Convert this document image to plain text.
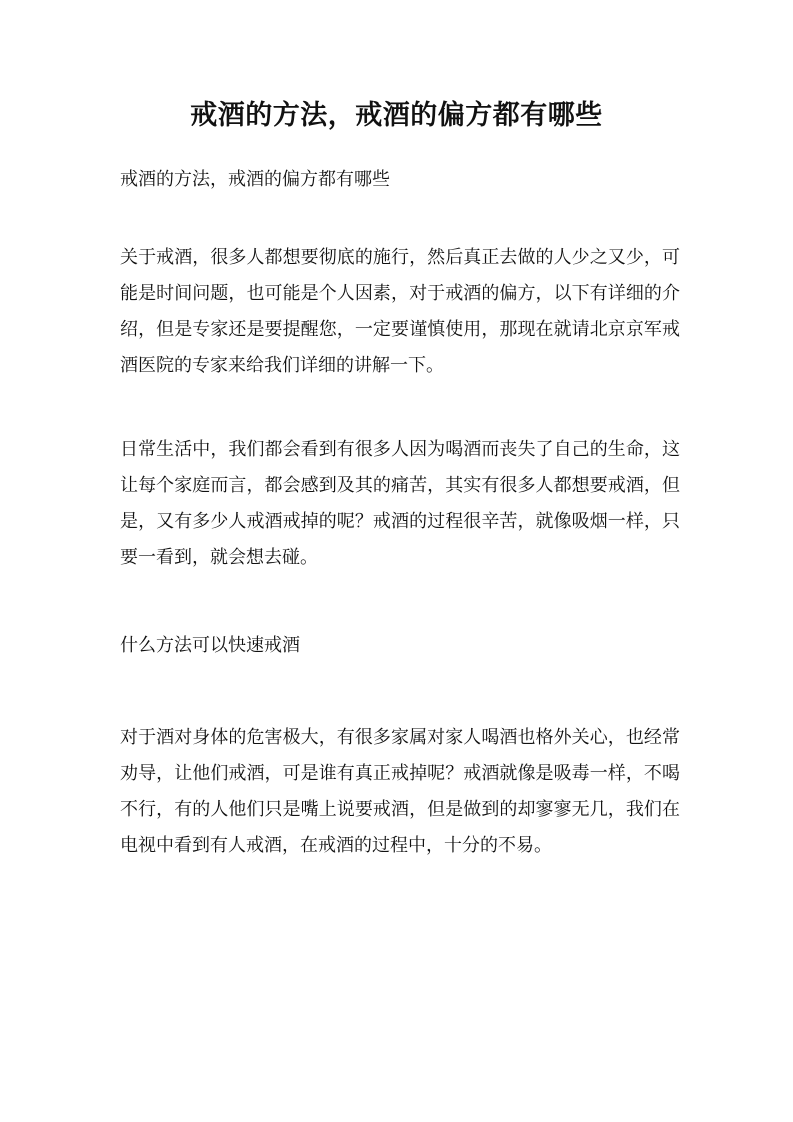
戒酒的方法，戒酒的偏方都有哪些

戒酒的方法，戒酒的偏方都有哪些

关于戒酒，很多人都想要彻底的施行，然后真正去做的人少之又少，可能是时间问题，也可能是个人因素，对于戒酒的偏方，以下有详细的介绍，但是专家还是要提醒您，一定要谨慎使用，那现在就请北京京军戒酒医院的专家来给我们详细的讲解一下。

日常生活中，我们都会看到有很多人因为喝酒而丧失了自己的生命，这让每个家庭而言，都会感到及其的痛苦，其实有很多人都想要戒酒，但是，又有多少人戒酒戒掉的呢？戒酒的过程很辛苦，就像吸烟一样，只要一看到，就会想去碰。

什么方法可以快速戒酒

对于酒对身体的危害极大，有很多家属对家人喝酒也格外关心，也经常劝导，让他们戒酒，可是谁有真正戒掉呢？戒酒就像是吸毒一样，不喝不行，有的人他们只是嘴上说要戒酒，但是做到的却寥寥无几，我们在电视中看到有人戒酒，在戒酒的过程中，十分的不易。
